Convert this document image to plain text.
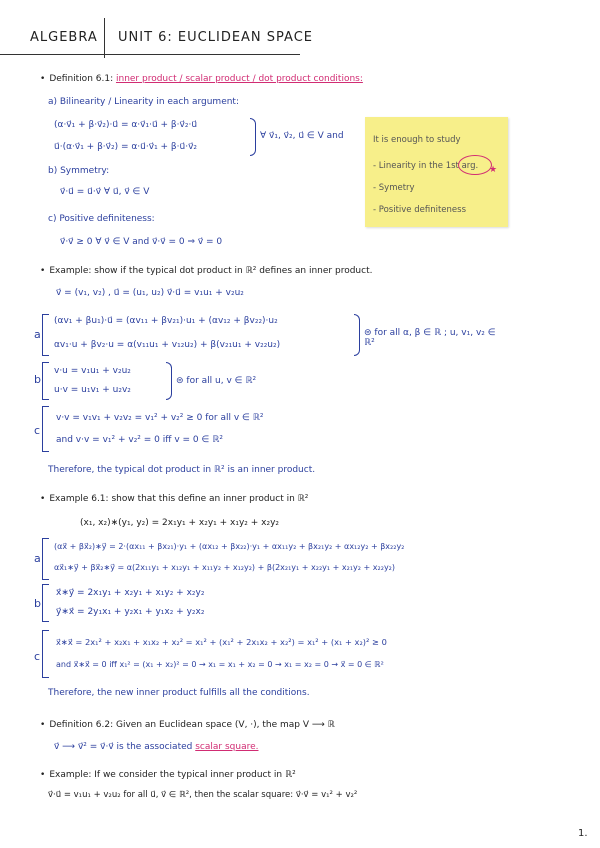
ALGEBRA UNIT 6: EUCLIDEAN SPACE
• Definition 6.1: inner product / scalar product / dot product conditions:
a) Bilinearity / Linearity in each argument:
(α·v⃗₁ + β·v⃗₂)·u⃗ = α·v⃗₁·u⃗ + β·v⃗₂·u⃗
u⃗·(α·v⃗₁ + β·v⃗₂) = α·u⃗·v⃗₁ + β·u⃗·v⃗₂
∀ v⃗₁, v⃗₂, u⃗ ∈ V and
b) Symmetry:
v⃗·u⃗ = u⃗·v⃗ ∀ u⃗, v⃗ ∈ V
c) Positive definiteness:
v⃗·v⃗ ≥ 0 ∀ v⃗ ∈ V and v⃗·v⃗ = 0 ⇒ v⃗ = 0
It is enough to study
- Linearity in the 1st arg. ★
- Symetry
- Positive definiteness
• Example: show if the typical dot product in ℝ² defines an inner product.
v⃗ = (v₁, v₂) , u⃗ = (u₁, u₂) v⃗·u⃗ = v₁u₁ + v₂u₂
a
(αv₁ + βu₁)·u⃗ = (αv₁₁ + βv₂₁)·u₁ + (αv₁₂ + βv₂₂)·u₂
αv₁·u + βv₂·u = α(v₁₁u₁ + v₁₂u₂) + β(v₂₁u₁ + v₂₂u₂)
⊜ for all α, β ∈ ℝ ; u, v₁, v₂ ∈ ℝ²
b
v·u = v₁u₁ + v₂u₂
u·v = u₁v₁ + u₂v₂
⊜ for all u, v ∈ ℝ²
c
v·v = v₁v₁ + v₂v₂ = v₁² + v₂² ≥ 0 for all v ∈ ℝ²
and v·v = v₁² + v₂² = 0 iff v = 0 ∈ ℝ²
Therefore, the typical dot product in ℝ² is an inner product.
• Example 6.1: show that this define an inner product in ℝ²
(x₁, x₂)∗(y₁, y₂) = 2x₁y₁ + x₂y₁ + x₁y₂ + x₂y₂
a
(αx⃗ + βx⃗₂)∗y⃗ = 2·(αx₁₁ + βx₂₁)·y₁ + (αx₁₂ + βx₂₂)·y₁ + αx₁₁y₂ + βx₂₁y₂ + αx₁₂y₂ + βx₂₂y₂
αx⃗₁∗y⃗ + βx⃗₂∗y⃗ = α(2x₁₁y₁ + x₁₂y₁ + x₁₁y₂ + x₁₂y₂) + β(2x₂₁y₁ + x₂₂y₁ + x₂₁y₂ + x₂₂y₂)
b
x⃗∗y⃗ = 2x₁y₁ + x₂y₁ + x₁y₂ + x₂y₂
y⃗∗x⃗ = 2y₁x₁ + y₂x₁ + y₁x₂ + y₂x₂
c
x⃗∗x⃗ = 2x₁² + x₂x₁ + x₁x₂ + x₂² = x₁² + (x₁² + 2x₁x₂ + x₂²) = x₁² + (x₁ + x₂)² ≥ 0
and x⃗∗x⃗ = 0 iff x₁² = (x₁ + x₂)² = 0 → x₁ = x₁ + x₂ = 0 → x₁ = x₂ = 0 → x⃗ = 0 ∈ ℝ²
Therefore, the new inner product fulfills all the conditions.
• Definition 6.2: Given an Euclidean space (V, ·), the map V ⟶ ℝ
v⃗ ⟶ v⃗² = v⃗·v⃗ is the associated scalar square.
• Example: If we consider the typical inner product in ℝ²
v⃗·u⃗ = v₁u₁ + v₂u₂ for all u⃗, v⃗ ∈ ℝ², then the scalar square: v⃗·v⃗ = v₁² + v₂²
1.
